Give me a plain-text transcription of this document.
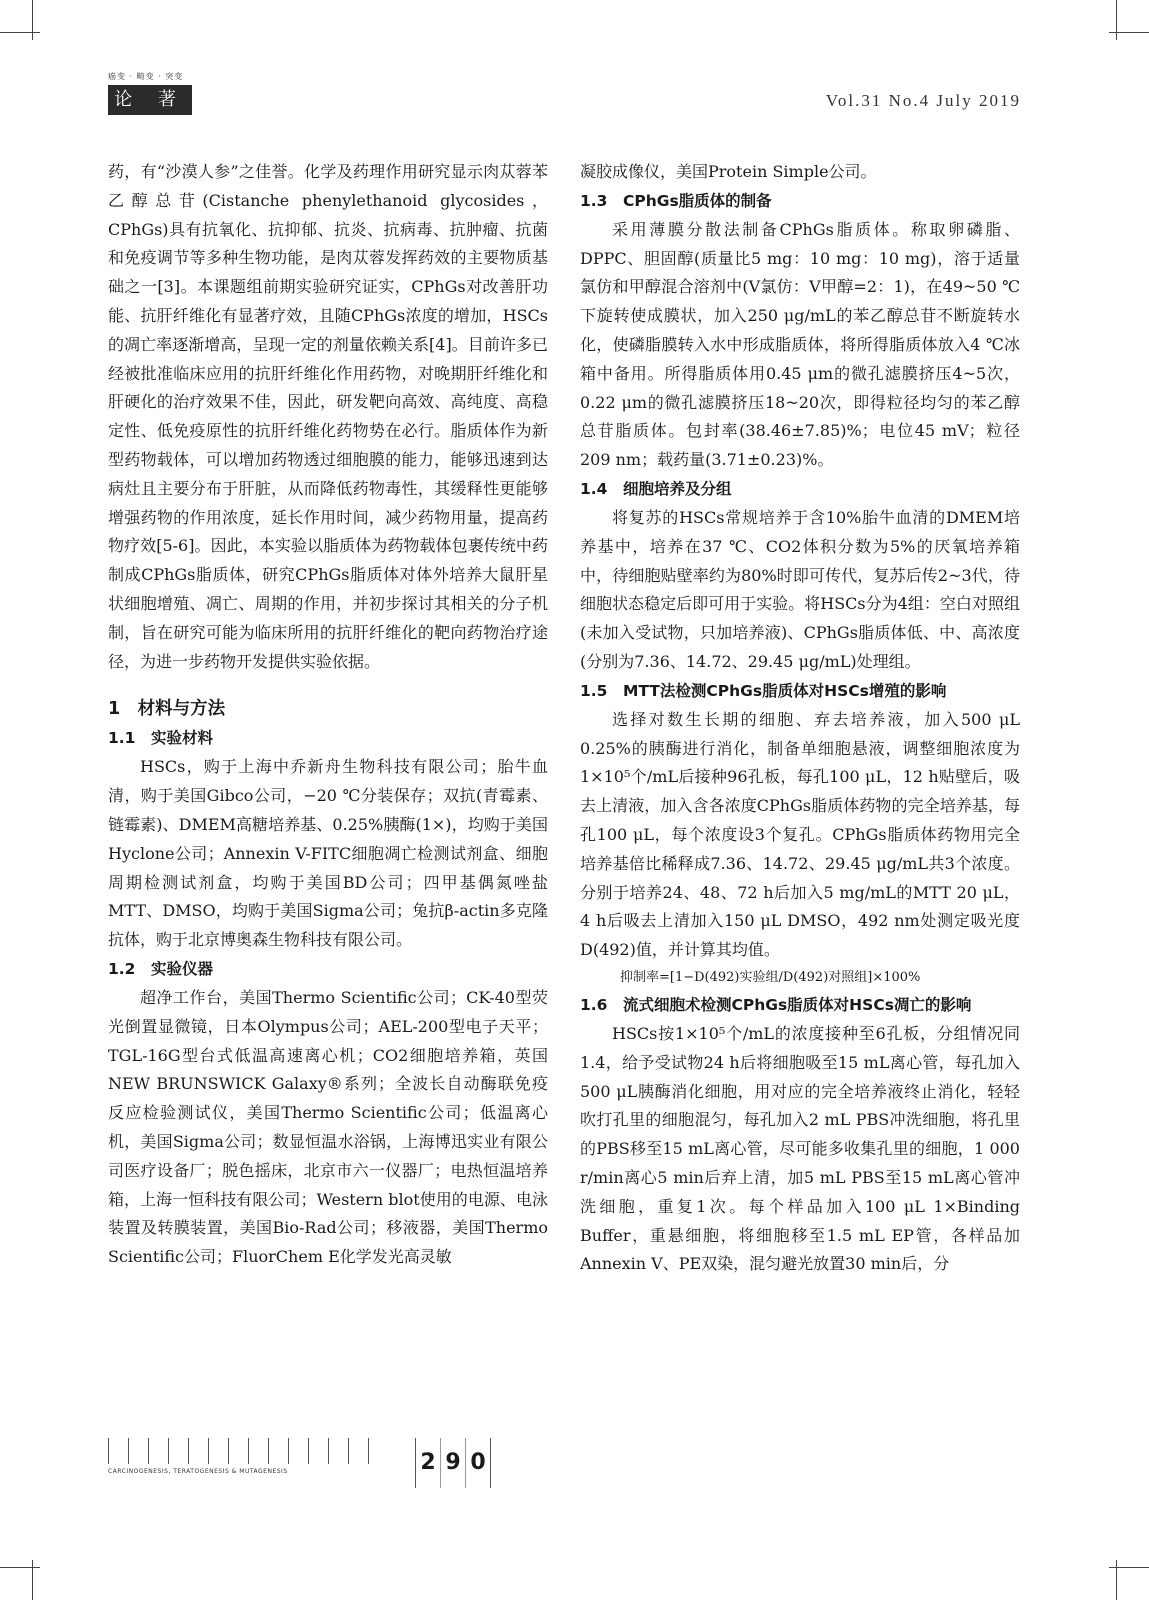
癌变 · 畸变 · 突变
论 著	Vol.31 No.4 July 2019

药，有“沙漠人参”之佳誉。化学及药理作用研究显示肉苁蓉苯乙醇总苷(Cistanche phenylethanoid glycosides，CPhGs)具有抗氧化、抗抑郁、抗炎、抗病毒、抗肿瘤、抗菌和免疫调节等多种生物功能，是肉苁蓉发挥药效的主要物质基础之一[3]。本课题组前期实验研究证实，CPhGs对改善肝功能、抗肝纤维化有显著疗效，且随CPhGs浓度的增加，HSCs的凋亡率逐渐增高，呈现一定的剂量依赖关系[4]。目前许多已经被批准临床应用的抗肝纤维化作用药物，对晚期肝纤维化和肝硬化的治疗效果不佳，因此，研发靶向高效、高纯度、高稳定性、低免疫原性的抗肝纤维化药物势在必行。脂质体作为新型药物载体，可以增加药物透过细胞膜的能力，能够迅速到达病灶且主要分布于肝脏，从而降低药物毒性，其缓释性更能够增强药物的作用浓度，延长作用时间，减少药物用量，提高药物疗效[5-6]。因此，本实验以脂质体为药物载体包裹传统中药制成CPhGs脂质体，研究CPhGs脂质体对体外培养大鼠肝星状细胞增殖、凋亡、周期的作用，并初步探讨其相关的分子机制，旨在研究可能为临床所用的抗肝纤维化的靶向药物治疗途径，为进一步药物开发提供实验依据。

1　材料与方法
1.1　实验材料

HSCs，购于上海中乔新舟生物科技有限公司；胎牛血清，购于美国Gibco公司，−20 ℃分装保存；双抗(青霉素、链霉素)、DMEM高糖培养基、0.25%胰酶(1×)，均购于美国Hyclone公司；Annexin V-FITC细胞凋亡检测试剂盒、细胞周期检测试剂盒，均购于美国BD公司；四甲基偶氮唑盐MTT、DMSO，均购于美国Sigma公司；兔抗β-actin多克隆抗体，购于北京博奥森生物科技有限公司。

1.2　实验仪器

超净工作台，美国Thermo Scientific公司；CK-40型荧光倒置显微镜，日本Olympus公司；AEL-200型电子天平；TGL-16G型台式低温高速离心机；CO2细胞培养箱，英国NEW BRUNSWICK Galaxy®系列；全波长自动酶联免疫反应检验测试仪，美国Thermo Scientific公司；低温离心机，美国Sigma公司；数显恒温水浴锅，上海博迅实业有限公司医疗设备厂；脱色摇床，北京市六一仪器厂；电热恒温培养箱，上海一恒科技有限公司；Western blot使用的电源、电泳装置及转膜装置，美国Bio-Rad公司；移液器，美国Thermo Scientific公司；FluorChem E化学发光高灵敏

凝胶成像仪，美国Protein Simple公司。

1.3　CPhGs脂质体的制备

采用薄膜分散法制备CPhGs脂质体。称取卵磷脂、DPPC、胆固醇(质量比5 mg：10 mg：10 mg)，溶于适量氯仿和甲醇混合溶剂中(V氯仿：V甲醇=2：1)，在49~50 ℃下旋转使成膜状，加入250 μg/mL的苯乙醇总苷不断旋转水化，使磷脂膜转入水中形成脂质体，将所得脂质体放入4 ℃冰箱中备用。所得脂质体用0.45 μm的微孔滤膜挤压4~5次，0.22 μm的微孔滤膜挤压18~20次，即得粒径均匀的苯乙醇总苷脂质体。包封率(38.46±7.85)%；电位45 mV；粒径209 nm；载药量(3.71±0.23)%。

1.4　细胞培养及分组

将复苏的HSCs常规培养于含10%胎牛血清的DMEM培养基中，培养在37 ℃、CO2体积分数为5%的厌氧培养箱中，待细胞贴壁率约为80%时即可传代，复苏后传2~3代，待细胞状态稳定后即可用于实验。将HSCs分为4组：空白对照组(未加入受试物，只加培养液)、CPhGs脂质体低、中、高浓度(分别为7.36、14.72、29.45 μg/mL)处理组。

1.5　MTT法检测CPhGs脂质体对HSCs增殖的影响

选择对数生长期的细胞、弃去培养液，加入500 μL 0.25%的胰酶进行消化，制备单细胞悬液，调整细胞浓度为1×10⁵个/mL后接种96孔板，每孔100 μL，12 h贴壁后，吸去上清液，加入含各浓度CPhGs脂质体药物的完全培养基，每孔100 μL，每个浓度设3个复孔。CPhGs脂质体药物用完全培养基倍比稀释成7.36、14.72、29.45 μg/mL共3个浓度。分别于培养24、48、72 h后加入5 mg/mL的MTT 20 μL，4 h后吸去上清加入150 μL DMSO，492 nm处测定吸光度D(492)值，并计算其均值。

抑制率=[1−D(492)实验组/D(492)对照组]×100%

1.6　流式细胞术检测CPhGs脂质体对HSCs凋亡的影响

HSCs按1×10⁵个/mL的浓度接种至6孔板，分组情况同1.4，给予受试物24 h后将细胞吸至15 mL离心管，每孔加入500 μL胰酶消化细胞，用对应的完全培养液终止消化，轻轻吹打孔里的细胞混匀，每孔加入2 mL PBS冲洗细胞，将孔里的PBS移至15 mL离心管，尽可能多收集孔里的细胞，1 000 r/min离心5 min后弃上清，加5 mL PBS至15 mL离心管冲洗细胞，重复1次。每个样品加入100 μL 1×Binding Buffer，重悬细胞，将细胞移至1.5 mL EP管，各样品加Annexin V、PE双染，混匀避光放置30 min后，分

CARCINOGENESIS, TERATOGENESIS & MUTAGENESIS	2 9 0
